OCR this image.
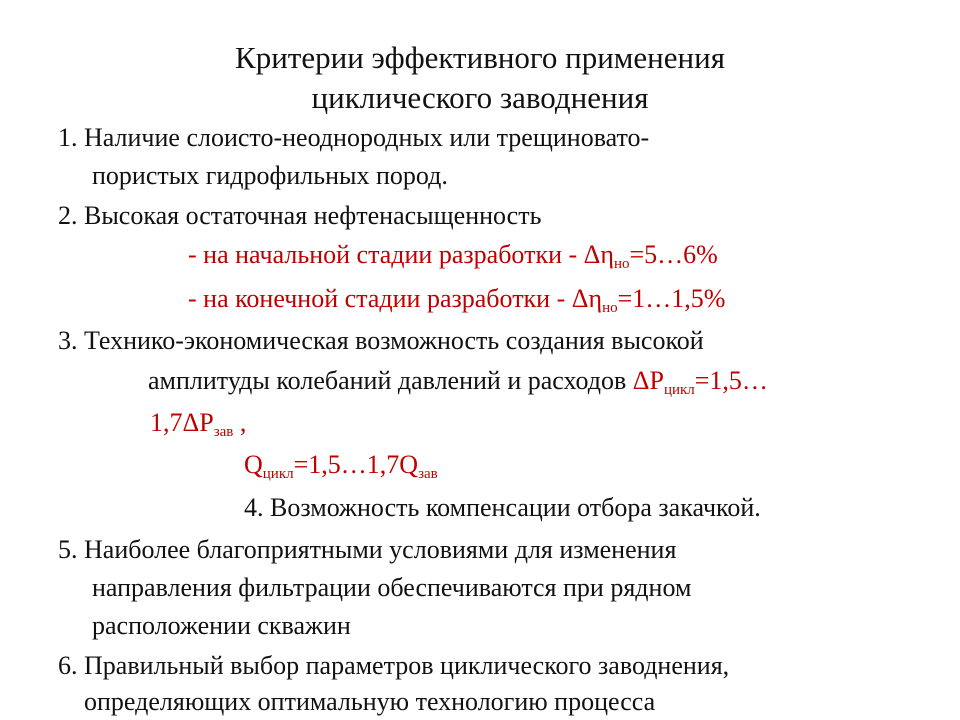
Критерии эффективного применения
циклического заводнения
1. Наличие слоисто-неоднородных или трещиновато-
пористых гидрофильных пород.
2. Высокая остаточная нефтенасыщенность
- на начальной стадии разработки - $\Delta\eta_{но}=5\dots 6\%$
- на конечной стадии разработки - $\Delta\eta_{но}=1\dots 1,5\%$
3. Технико-экономическая возможность создания высокой
амплитуды колебаний давлений и расходов $\Delta P_{цикл}=1,5\dots$
$1,7\Delta P_{зав}$ ,
$Q_{цикл}=1,5\dots 1,7Q_{зав}$
4. Возможность компенсации отбора закачкой.
5. Наиболее благоприятными условиями для изменения
направления фильтрации обеспечиваются при рядном
расположении скважин
6. Правильный выбор параметров циклического заводнения,
определяющих оптимальную технологию процесса
